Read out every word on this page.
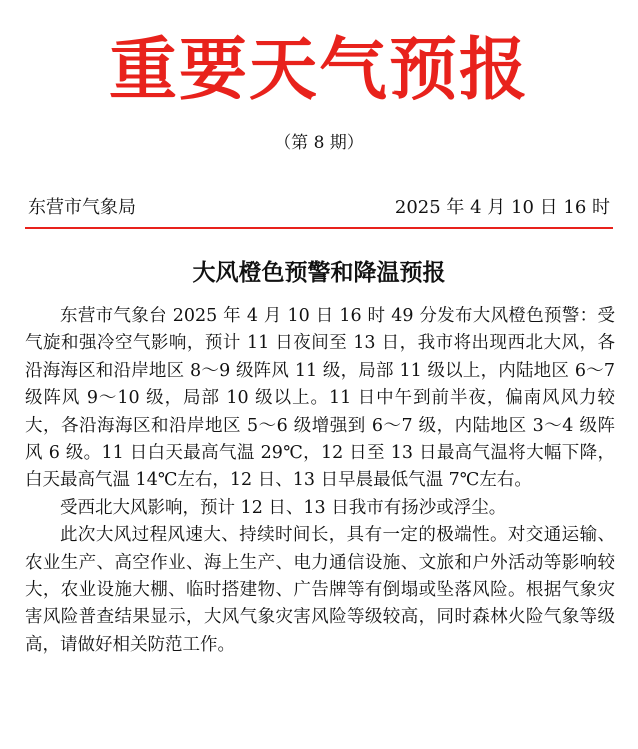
重要天气预报
（第 8 期）
东营市气象局	2025 年 4 月 10 日 16 时
大风橙色预警和降温预报

东营市气象台 2025 年 4 月 10 日 16 时 49 分发布大风橙色预警：受气旋和强冷空气影响，预计 11 日夜间至 13 日，我市将出现西北大风，各沿海海区和沿岸地区 8～9 级阵风 11 级，局部 11 级以上，内陆地区 6～7 级阵风 9～10 级，局部 10 级以上。11 日中午到前半夜，偏南风风力较大，各沿海海区和沿岸地区 5～6 级增强到 6～7 级，内陆地区 3～4 级阵风 6 级。11 日白天最高气温 29℃，12 日至 13 日最高气温将大幅下降，白天最高气温 14℃左右，12 日、13 日早晨最低气温 7℃左右。

受西北大风影响，预计 12 日、13 日我市有扬沙或浮尘。

此次大风过程风速大、持续时间长，具有一定的极端性。对交通运输、农业生产、高空作业、海上生产、电力通信设施、文旅和户外活动等影响较大，农业设施大棚、临时搭建物、广告牌等有倒塌或坠落风险。根据气象灾害风险普查结果显示，大风气象灾害风险等级较高，同时森林火险气象等级高，请做好相关防范工作。
